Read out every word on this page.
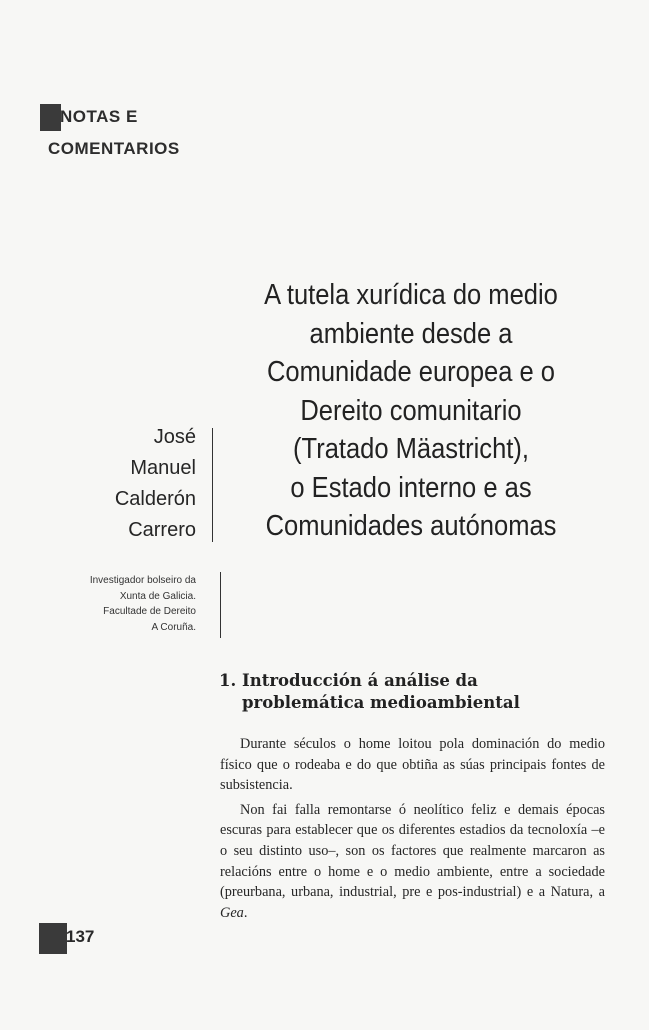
NOTAS E
COMENTARIOS
A tutela xurídica do medio
ambiente desde a
Comunidade europea e o
Dereito comunitario
(Tratado Mäastricht),
o Estado interno e as
Comunidades autónomas
José
Manuel
Calderón
Carrero
Investigador bolseiro da
Xunta de Galicia.
Facultade de Dereito
A Coruña.
1. Introducción á análise da
problemática medioambiental

Durante séculos o home loitou pola dominación do medio físico que o rodeaba e do que obtiña as súas principais fontes de subsistencia.

Non fai falla remontarse ó neolítico feliz e demais épocas escuras para establecer que os diferentes estadios da tecnoloxía –e o seu distinto uso–, son os factores que realmente marcaron as relacións entre o home e o medio ambiente, entre a sociedade (preurbana, urbana, industrial, pre e pos-industrial) e a Natura, a Gea.

137
